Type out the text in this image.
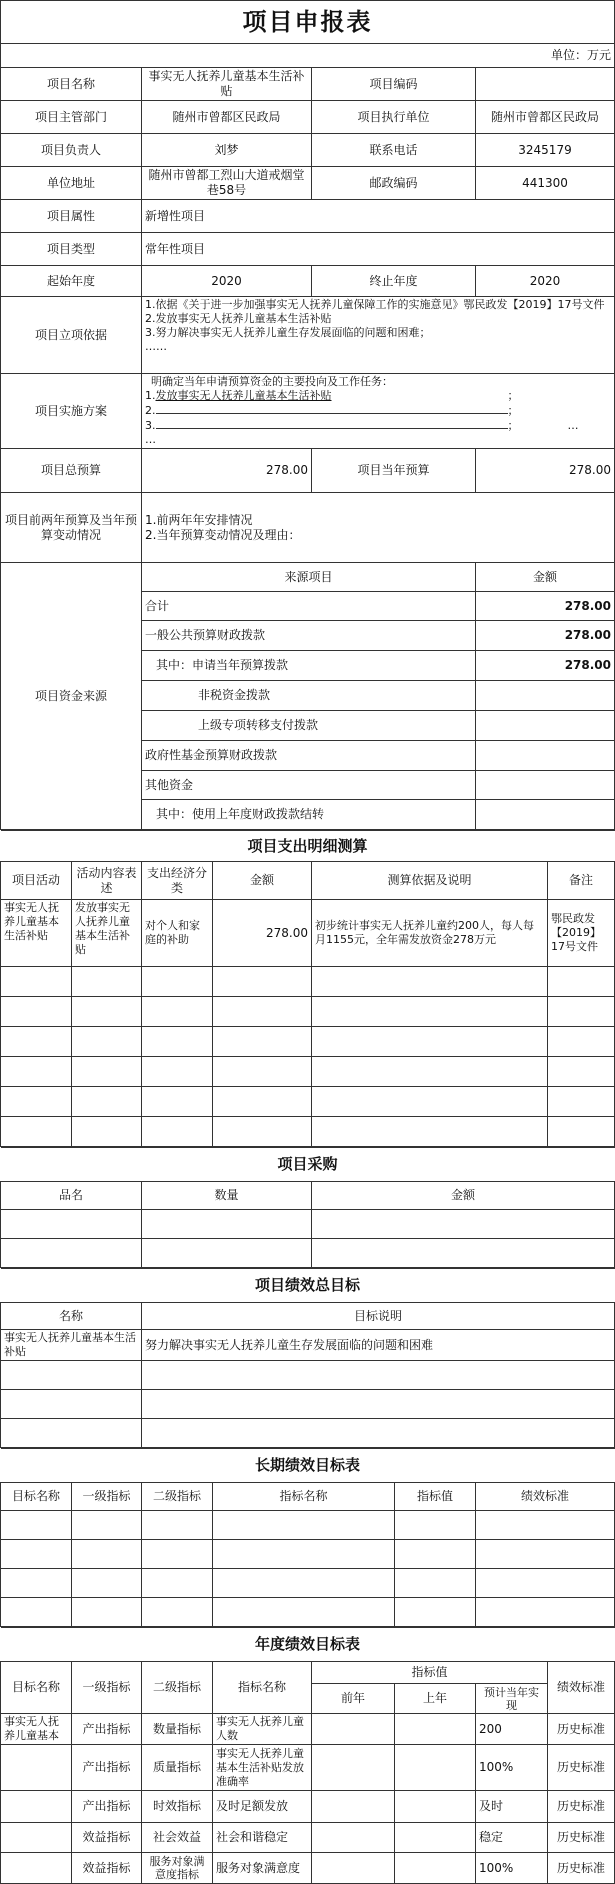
项目申报表			
单位：万元			
项目名称	事实无人抚养儿童基本生活补贴	项目编码	
项目主管部门	随州市曾都区民政局	项目执行单位	随州市曾都区民政局
项目负责人	刘梦	联系电话	3245179
单位地址	随州市曾都工烈山大道戒烟堂巷58号	邮政编码	441300
项目属性	新增性项目		
项目类型	常年性项目		
起始年度	2020	终止年度	2020
项目立项依据	1.依据《关于进一步加强事实无人抚养儿童保障工作的实施意见》鄂民政发【2019】17号文件
2.发放事实无人抚养儿童基本生活补贴
3.努力解决事实无人抚养儿童生存发展面临的问题和困难；
……		

项目实施方案	明确定当年申请预算资金的主要投向及工作任务：
1.发放事实无人抚养儿童基本生活补贴 ；
2. ；
3. ； …
…		

项目总预算	278.00	项目当年预算	278.00
项目前两年预算及当年预算变动情况	1.前两年年安排情况
2.当年预算变动情况及理由：		

项目资金来源	来源项目		金额
	合计		278.00
	一般公共预算财政拨款		278.00
	其中：申请当年预算拨款		278.00
	非税资金拨款		
	上级专项转移支付拨款		
	政府性基金预算财政拨款		
	其他资金		
	其中：使用上年度财政拨款结转		
项目支出明细测算					
项目活动	活动内容表述	支出经济分类	金额	测算依据及说明	备注
事实无人抚养儿童基本生活补贴	发放事实无人抚养儿童基本生活补贴	对个人和家庭的补助	278.00	初步统计事实无人抚养儿童约200人，每人每月1155元，全年需发放资金278万元	鄂民政发【2019】17号文件

项目采购		
品名	数量	金额

项目绩效总目标	
名称	目标说明
事实无人抚养儿童基本生活补贴	努力解决事实无人抚养儿童生存发展面临的问题和困难

长期绩效目标表					
目标名称	一级指标	二级指标	指标名称	指标值	绩效标准

年度绩效目标表							
目标名称	一级指标	二级指标	指标名称	指标值			绩效标准
				前年	上年	预计当年实现	
事实无人抚养儿童基本	产出指标	数量指标	事实无人抚养儿童人数			200	历史标准
	产出指标	质量指标	事实无人抚养儿童基本生活补贴发放准确率			100%	历史标准
	产出指标	时效指标	及时足额发放			及时	历史标准
	效益指标	社会效益	社会和谐稳定			稳定	历史标准
	效益指标	服务对象满意度指标	服务对象满意度			100%	历史标准
